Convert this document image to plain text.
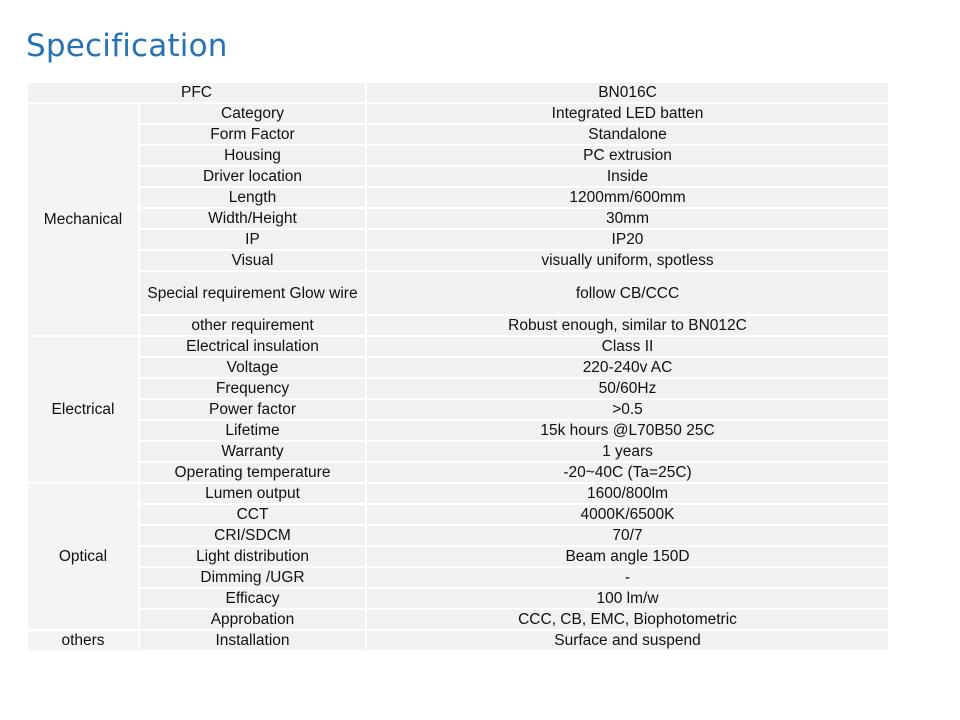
Specification
PFC		BN016C
Mechanical	Category	Integrated LED batten
	Form Factor	Standalone
	Housing	PC extrusion
	Driver location	Inside
	Length	1200mm/600mm
	Width/Height	30mm
	IP	IP20
	Visual	visually uniform, spotless
	Special requirement Glow wire	follow CB/CCC
	other requirement	Robust enough, similar to BN012C
Electrical	Electrical insulation	Class II
	Voltage	220-240v AC
	Frequency	50/60Hz
	Power factor	>0.5
	Lifetime	15k hours @L70B50 25C
	Warranty	1 years
	Operating temperature	-20~40C (Ta=25C)
Optical	Lumen output	1600/800lm
	CCT	4000K/6500K
	CRI/SDCM	70/7
	Light distribution	Beam angle 150D
	Dimming /UGR	-
	Efficacy	100 lm/w
	Approbation	CCC, CB, EMC, Biophotometric
others	Installation	Surface and suspend
